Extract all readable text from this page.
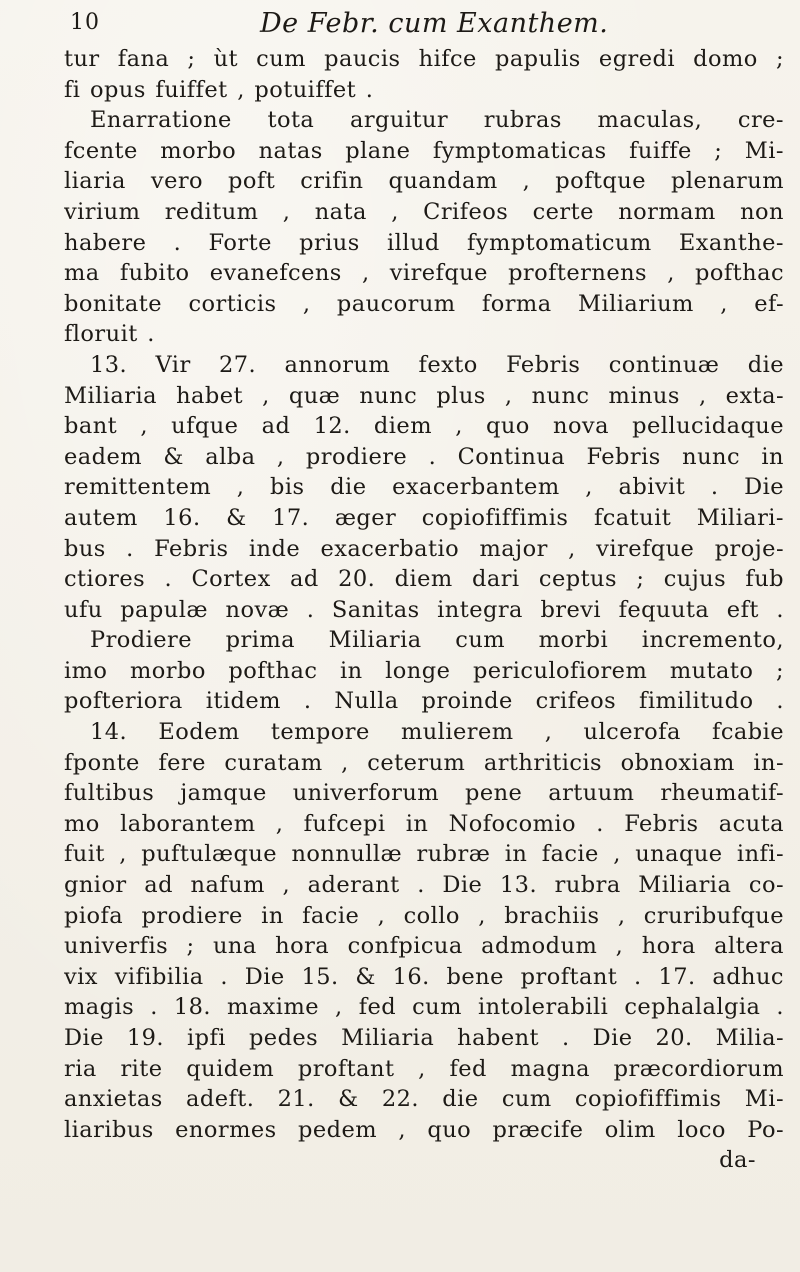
10	De Febr. cum Exanthem.
tur fana ; ùt cum paucis hifce papulis egredi domo ;
fi opus fuiffet , potuiffet .
Enarratione tota arguitur rubras maculas, cre-
fcente morbo natas plane fymptomaticas fuiffe ; Mi-
liaria vero poft crifin quandam , poftque plenarum
virium reditum , nata , Crifeos certe normam non
habere . Forte prius illud fymptomaticum Exanthe-
ma fubito evanefcens , virefque profternens , pofthac
bonitate corticis , paucorum forma Miliarium , ef-
floruit .
13. Vir 27. annorum fexto Febris continuæ die
Miliaria habet , quæ nunc plus , nunc minus , exta-
bant , ufque ad 12. diem , quo nova pellucidaque
eadem & alba , prodiere . Continua Febris nunc in
remittentem , bis die exacerbantem , abivit . Die
autem 16. & 17. æger copiofiffimis fcatuit Miliari-
bus . Febris inde exacerbatio major , virefque proje-
ctiores . Cortex ad 20. diem dari ceptus ; cujus fub
ufu papulæ novæ . Sanitas integra brevi fequuta eft .
Prodiere prima Miliaria cum morbi incremento,
imo morbo pofthac in longe periculofiorem mutato ;
pofteriora itidem . Nulla proinde crifeos fimilitudo .
14. Eodem tempore mulierem , ulcerofa fcabie
fponte fere curatam , ceterum arthriticis obnoxiam in-
fultibus jamque univerforum pene artuum rheumatif-
mo laborantem , fufcepi in Nofocomio . Febris acuta
fuit , puftulæque nonnullæ rubræ in facie , unaque infi-
gnior ad nafum , aderant . Die 13. rubra Miliaria co-
piofa prodiere in facie , collo , brachiis , cruribufque
univerfis ; una hora confpicua admodum , hora altera
vix vifibilia . Die 15. & 16. bene proftant . 17. adhuc
magis . 18. maxime , fed cum intolerabili cephalalgia .
Die 19. ipfi pedes Miliaria habent . Die 20. Milia-
ria rite quidem proftant , fed magna præcordiorum
anxietas adeft. 21. & 22. die cum copiofiffimis Mi-
liaribus enormes pedem , quo præcife olim loco Po-
da-
